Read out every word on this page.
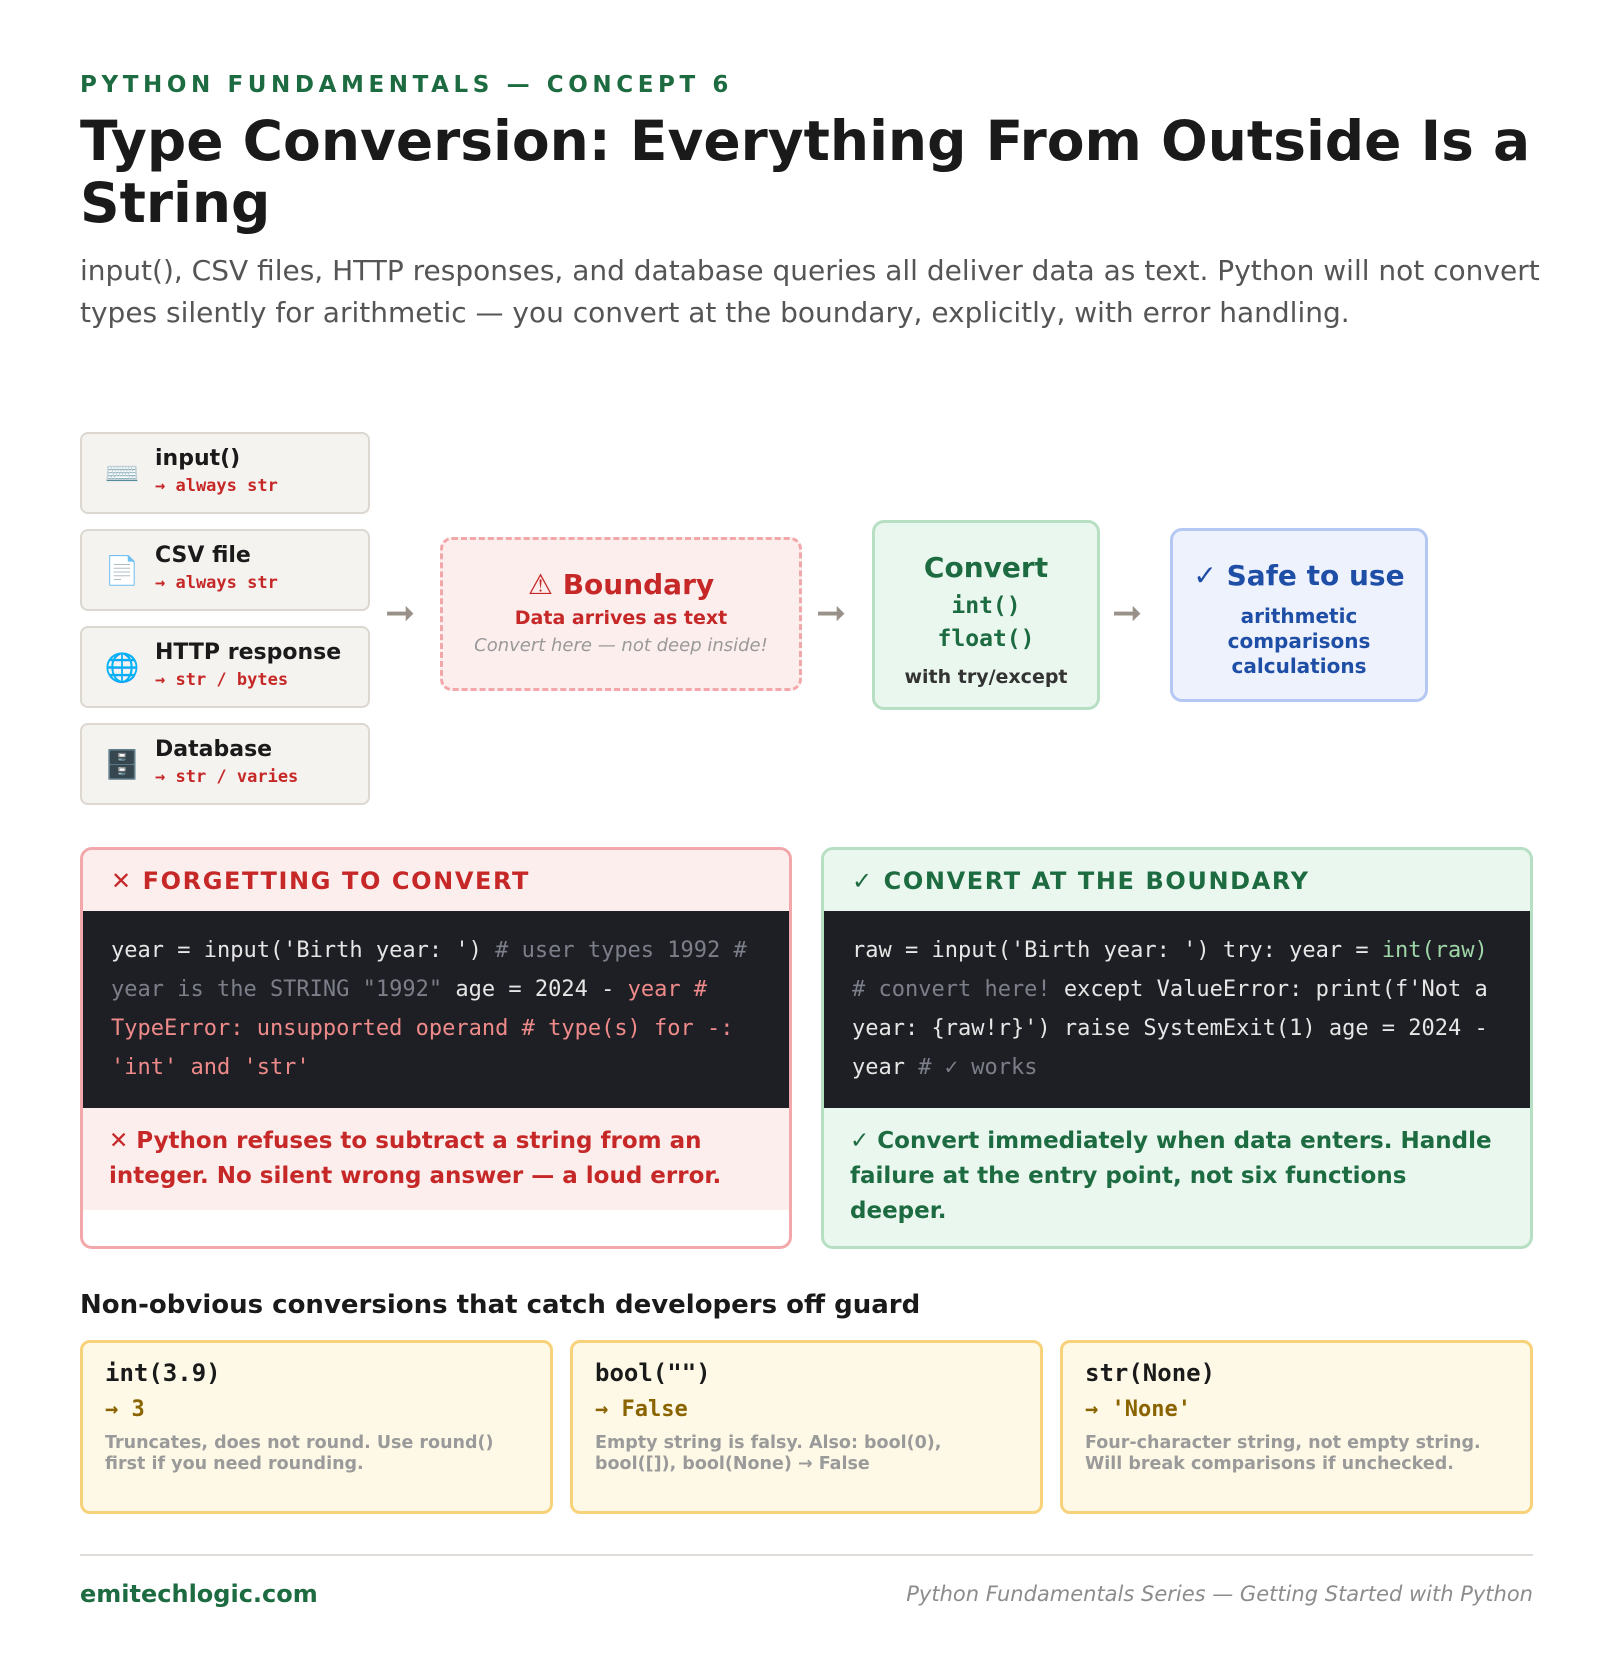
PYTHON FUNDAMENTALS — CONCEPT 6
Type Conversion: Everything From Outside Is a String

input(), CSV files, HTTP responses, and database queries all deliver data as text. Python will not convert types silently for arithmetic — you convert at the boundary, explicitly, with error handling.

⌨️ input()
→ always str
📄 CSV file
→ always str
🌐 HTTP response
→ str / bytes
🗄️ Database
→ str / varies
➞	➞	➞
⚠ Boundary
Data arrives as text
Convert here — not deep inside!
Convert
int()
float()
with try/except
✓ Safe to use
arithmetic
comparisons
calculations
✕ FORGETTING TO CONVERT
year = input('Birth year: ') # user types 1992 # year is the STRING "1992" age = 2024 - year # TypeError: unsupported operand # type(s) for -: 'int' and 'str'
✕ Python refuses to subtract a string from an integer. No silent wrong answer — a loud error.
✓ CONVERT AT THE BOUNDARY
raw = input('Birth year: ') try: year = int(raw) # convert here! except ValueError: print(f'Not a year: {raw!r}') raise SystemExit(1) age = 2024 - year # ✓ works
✓ Convert immediately when data enters. Handle failure at the entry point, not six functions deeper.
Non-obvious conversions that catch developers off guard
int(3.9)
→ 3
Truncates, does not round. Use round() first if you need rounding.
bool("")
→ False
Empty string is falsy. Also: bool(0), bool([]), bool(None) → False
str(None)
→ 'None'
Four-character string, not empty string. Will break comparisons if unchecked.
emitechlogic.com	Python Fundamentals Series — Getting Started with Python
